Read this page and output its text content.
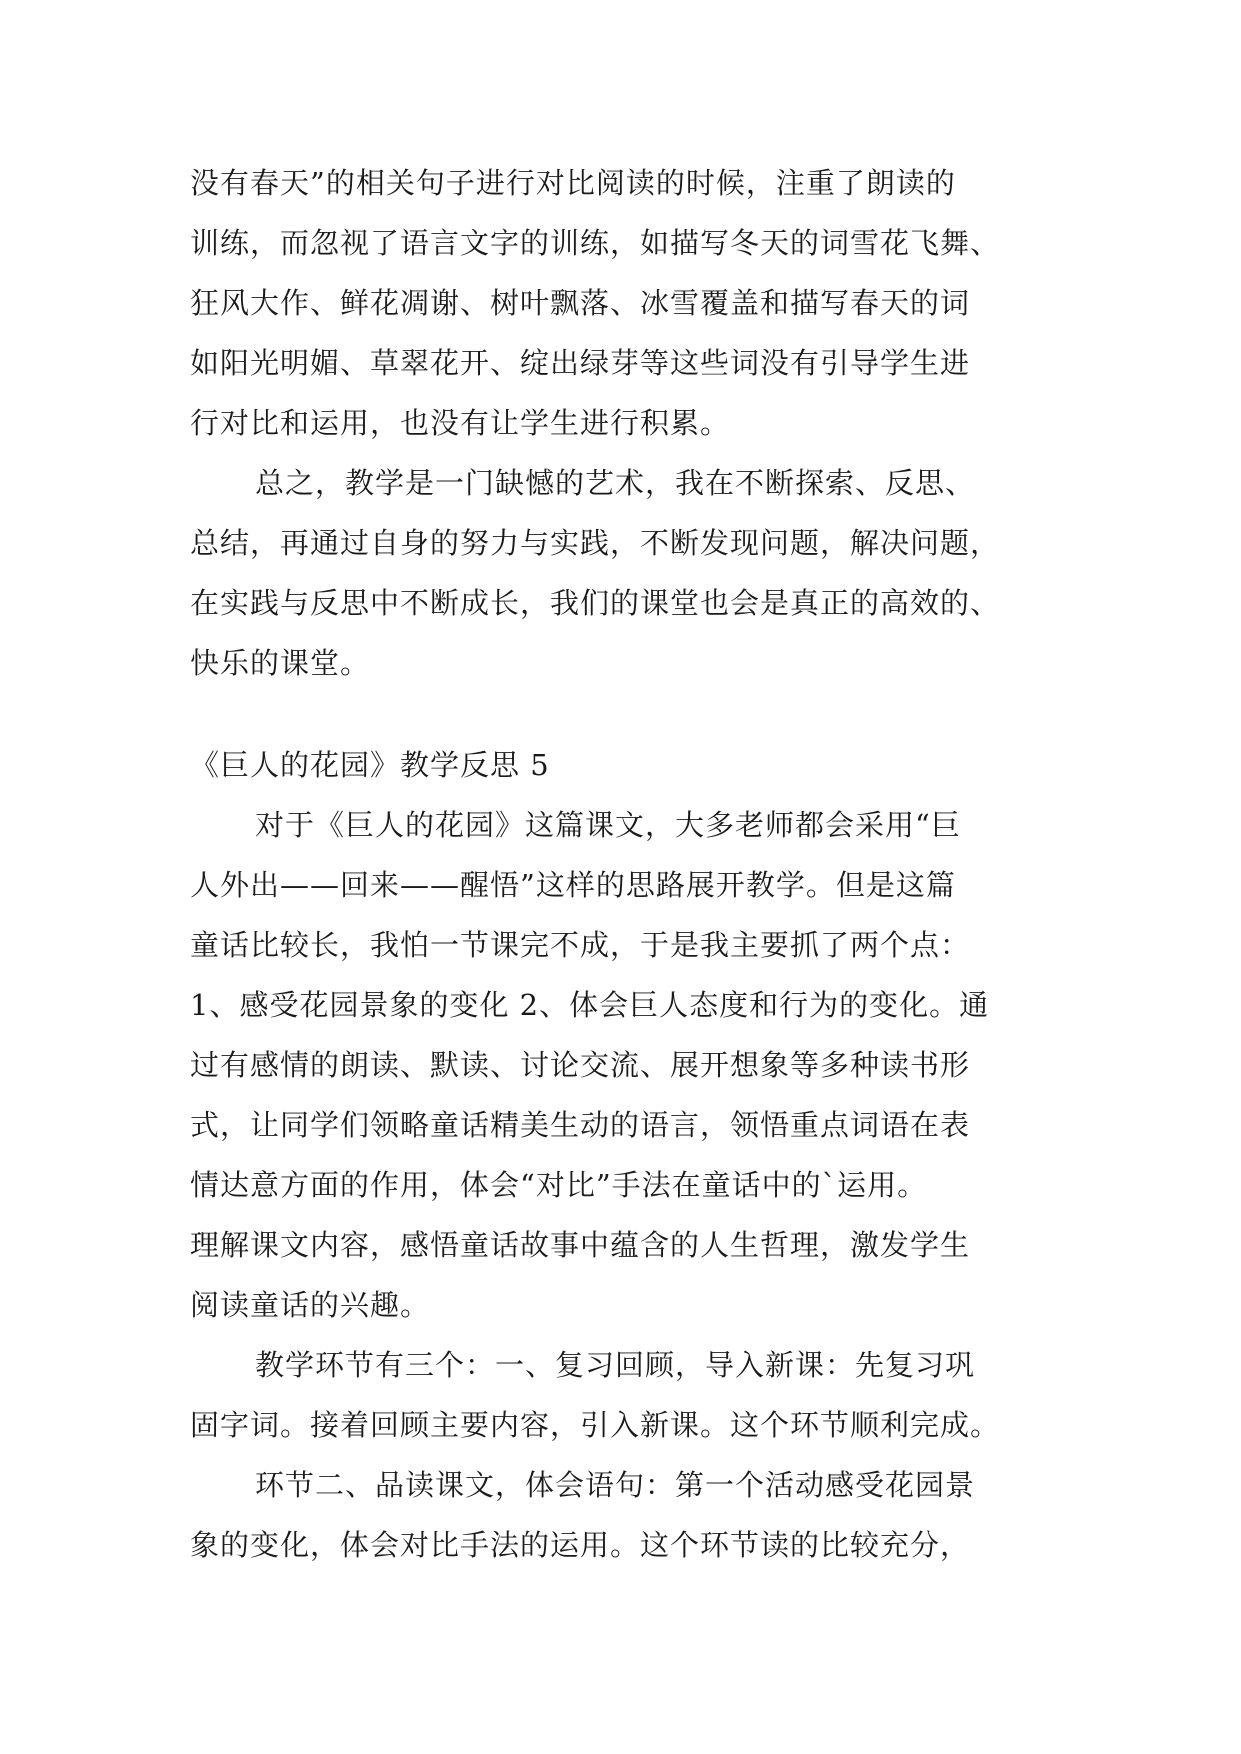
没有春天”的相关句子进行对比阅读的时候，注重了朗读的
训练，而忽视了语言文字的训练，如描写冬天的词雪花飞舞、
狂风大作、鲜花凋谢、树叶飘落、冰雪覆盖和描写春天的词
如阳光明媚、草翠花开、绽出绿芽等这些词没有引导学生进
行对比和运用，也没有让学生进行积累。
总之，教学是一门缺憾的艺术，我在不断探索、反思、
总结，再通过自身的努力与实践，不断发现问题，解决问题，
在实践与反思中不断成长，我们的课堂也会是真正的高效的、
快乐的课堂。
《巨人的花园》教学反思 5
对于《巨人的花园》这篇课文，大多老师都会采用“巨
人外出——回来——醒悟”这样的思路展开教学。但是这篇
童话比较长，我怕一节课完不成，于是我主要抓了两个点：
1、感受花园景象的变化 2、体会巨人态度和行为的变化。通
过有感情的朗读、默读、讨论交流、展开想象等多种读书形
式，让同学们领略童话精美生动的语言，领悟重点词语在表
情达意方面的作用，体会“对比”手法在童话中的`运用。
理解课文内容，感悟童话故事中蕴含的人生哲理，激发学生
阅读童话的兴趣。
教学环节有三个：一、复习回顾，导入新课：先复习巩
固字词。接着回顾主要内容，引入新课。这个环节顺利完成。
环节二、品读课文，体会语句：第一个活动感受花园景
象的变化，体会对比手法的运用。这个环节读的比较充分，
